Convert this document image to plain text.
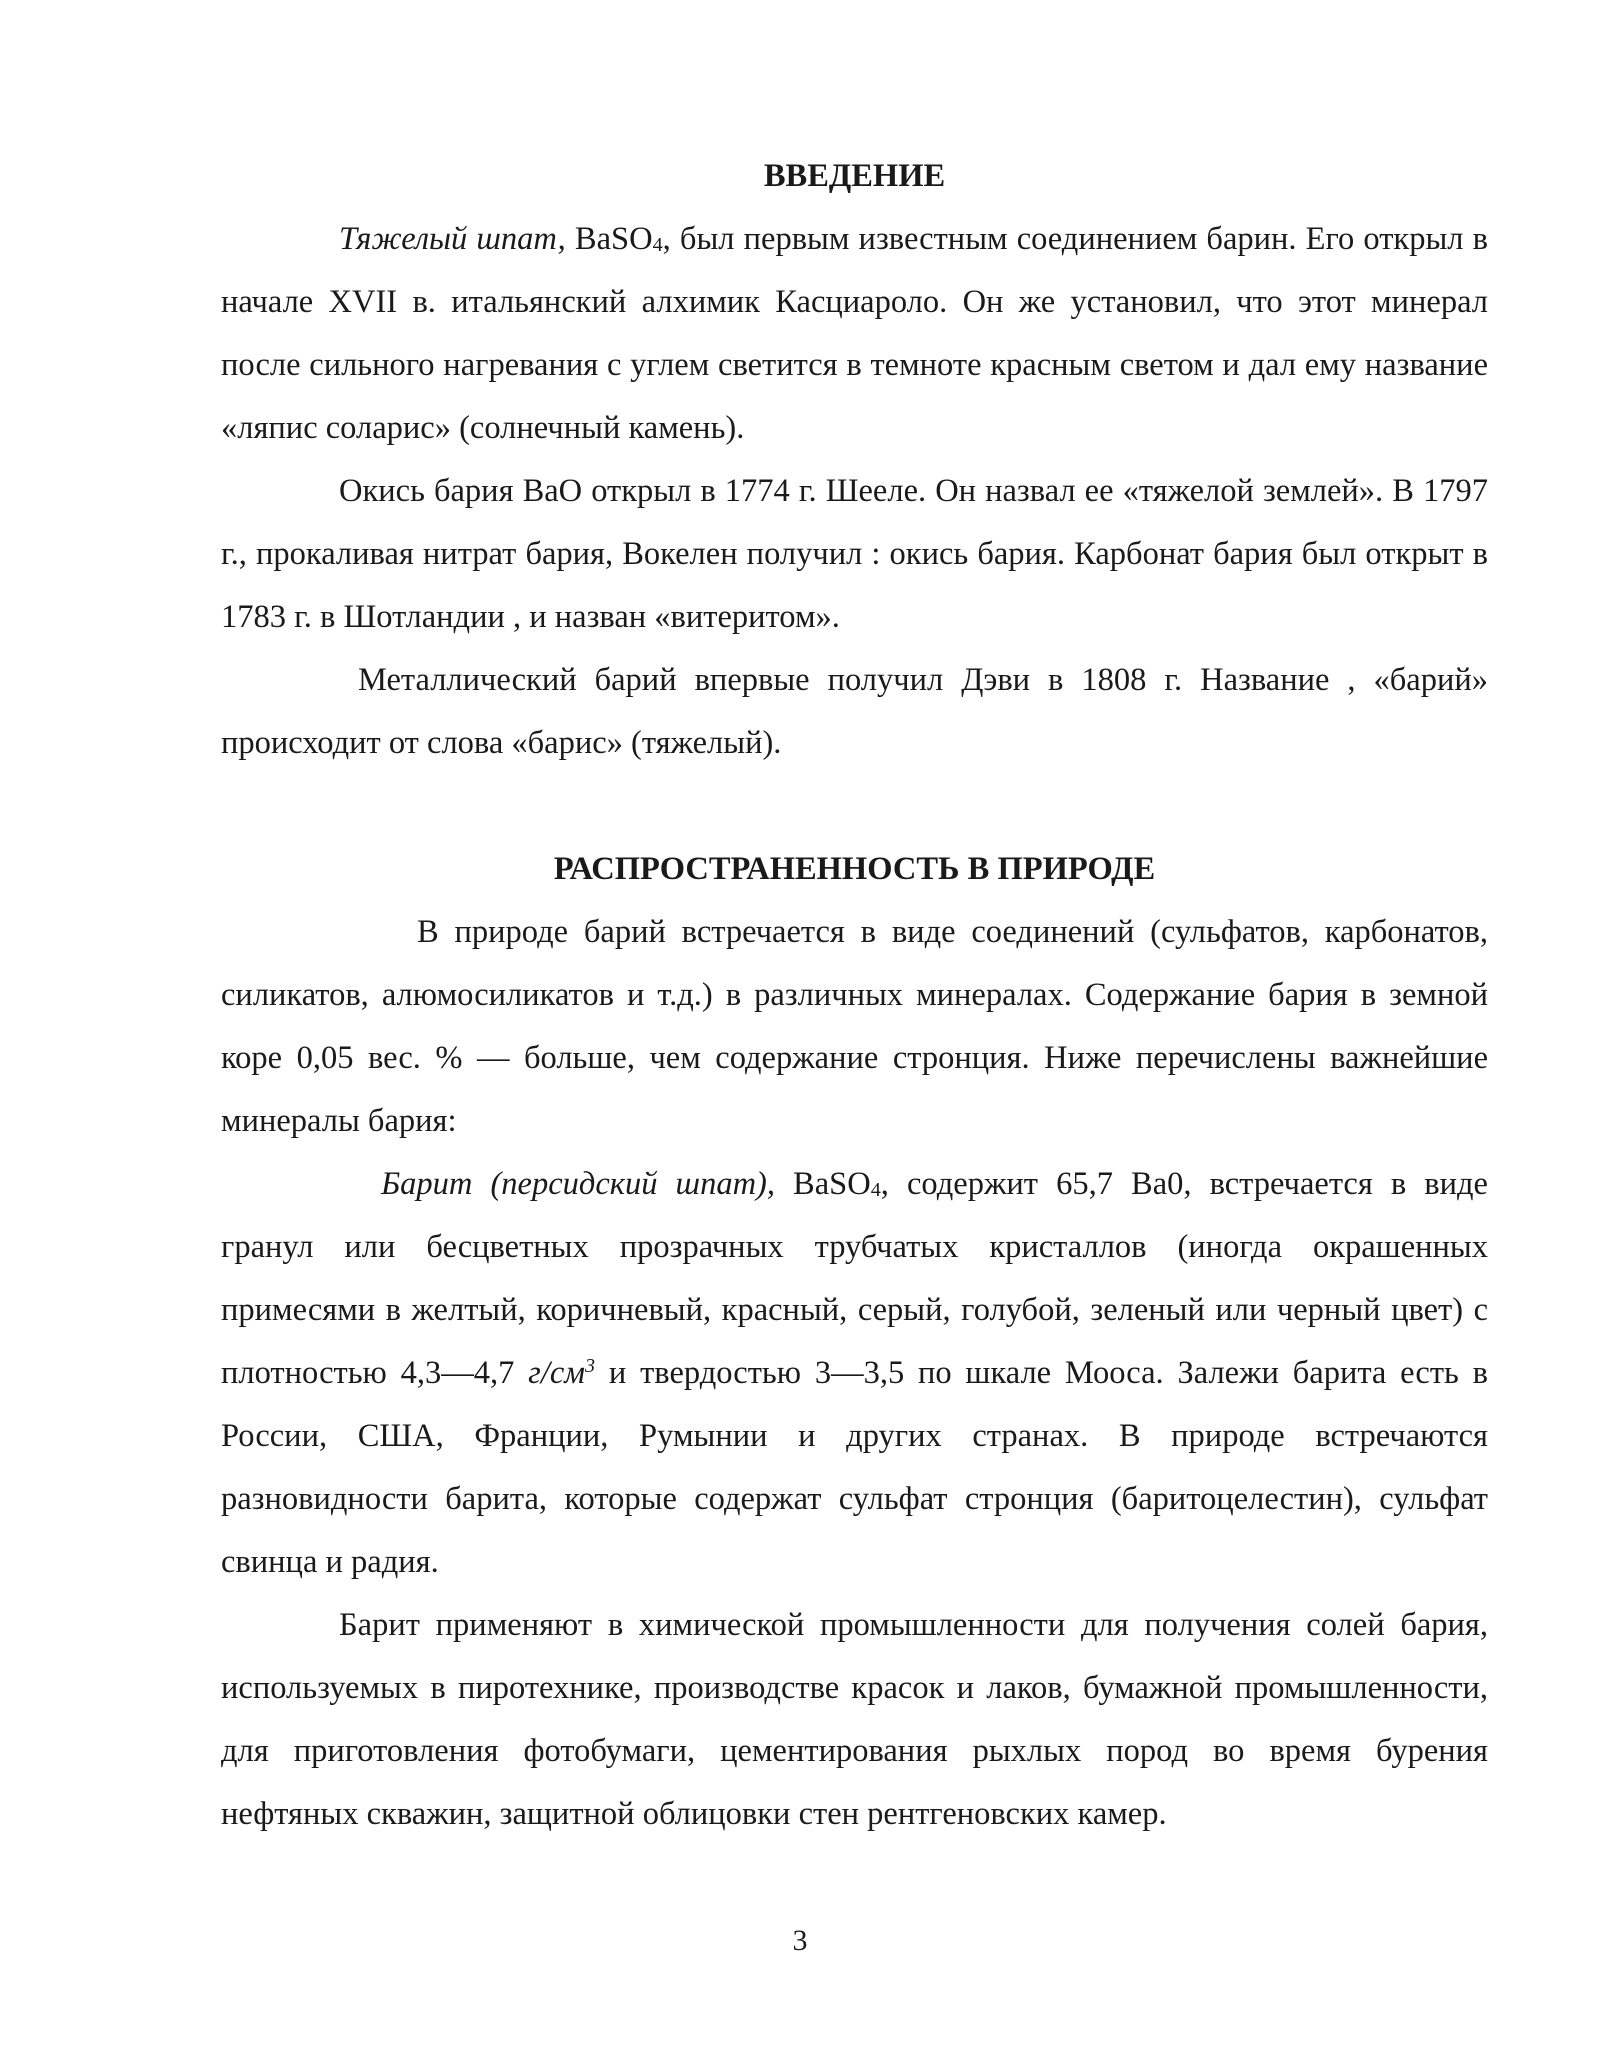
ВВЕДЕНИЕ

Тяжелый шпат, BaSO$_4$, был первым известным соединением барин. Его открыл в начале XVII в. итальянский алхимик Касциароло. Он же установил, что этот минерал после сильного нагревания с углем светится в темноте красным светом и дал ему название «ляпис соларис» (солнечный камень).

Окись бария ВаО открыл в 1774 г. Шееле. Он назвал ее «тяжелой землей». В 1797 г., прокаливая нитрат бария, Вокелен получил : окись бария. Карбонат бария был открыт в 1783 г. в Шотландии , и назван «витеритом».

Металлический барий впервые получил Дэви в 1808 г. Название , «барий» происходит от слова «барис» (тяжелый).

РАСПРОСТРАНЕННОСТЬ В ПРИРОДЕ

В природе барий встречается в виде соединений (сульфатов, карбонатов, силикатов, алюмосиликатов и т.д.) в различных минералах. Содержание бария в земной коре 0,05 вес. % — больше, чем содержание стронция. Ниже перечислены важнейшие минералы бария:

Барит (персидский шпат), BaSO$_4$, содержит 65,7 Ва0, встречается в виде гранул или бесцветных прозрачных трубчатых кристаллов (иногда окрашенных примесями в желтый, коричневый, красный, серый, голубой, зеленый или черный цвет) с плотностью 4,3—4,7 $г/см^3$ и твердостью 3—3,5 по шкале Мооса. Залежи барита есть в России, США, Франции, Румынии и других странах. В природе встречаются разновидности барита, которые содержат сульфат стронция (баритоцелестин), сульфат свинца и радия.

Барит применяют в химической промышленности для получения солей бария, используемых в пиротехнике, производстве красок и лаков, бумажной промышленности, для приготовления фотобумаги, цементирования рыхлых пород во время бурения нефтяных скважин, защитной облицовки стен рентгеновских камер.

3
